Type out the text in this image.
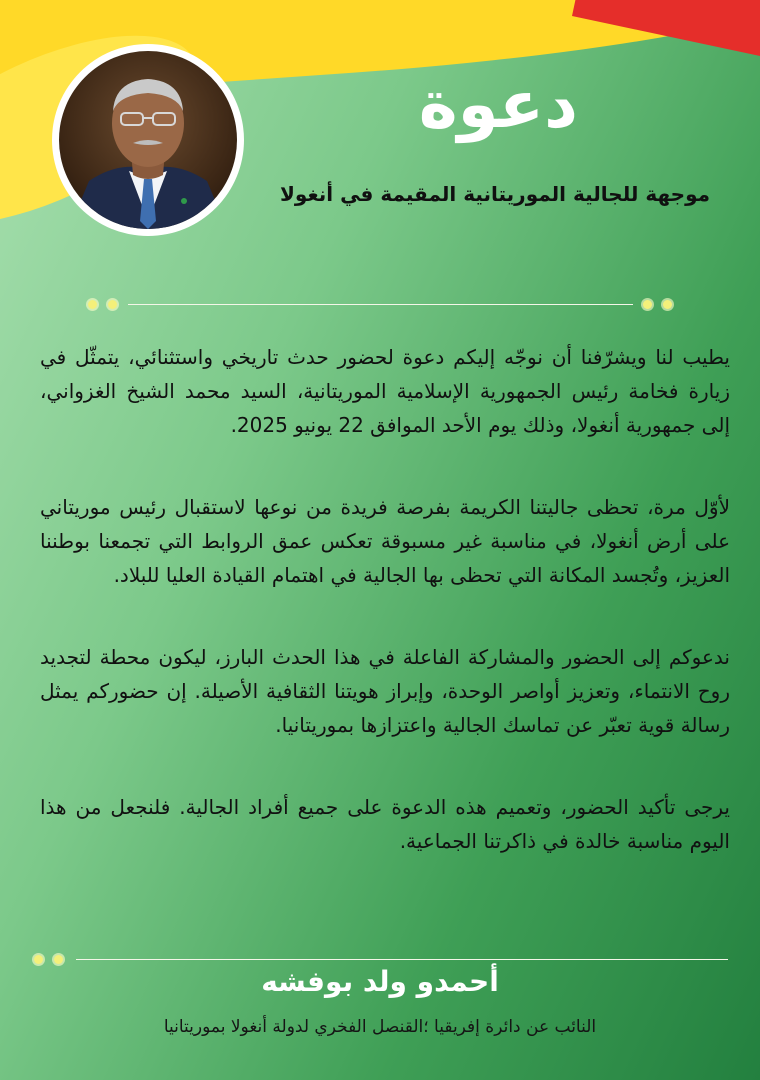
دعوة
موجهة للجالية الموريتانية المقيمة في أنغولا

يطيب لنا ويشرّفنا أن نوجّه إليكم دعوة لحضور حدث تاريخي واستثنائي، يتمثّل في زيارة فخامة رئيس الجمهورية الإسلامية الموريتانية، السيد محمد الشيخ الغزواني، إلى جمهورية أنغولا، وذلك يوم الأحد الموافق 22 يونيو 2025.

لأوّل مرة، تحظى جاليتنا الكريمة بفرصة فريدة من نوعها لاستقبال رئيس موريتاني على أرض أنغولا، في مناسبة غير مسبوقة تعكس عمق الروابط التي تجمعنا بوطننا العزيز، وتُجسد المكانة التي تحظى بها الجالية في اهتمام القيادة العليا للبلاد.

ندعوكم إلى الحضور والمشاركة الفاعلة في هذا الحدث البارز، ليكون محطة لتجديد روح الانتماء، وتعزيز أواصر الوحدة، وإبراز هويتنا الثقافية الأصيلة. إن حضوركم يمثل رسالة قوية تعبّر عن تماسك الجالية واعتزازها بموريتانيا.

يرجى تأكيد الحضور، وتعميم هذه الدعوة على جميع أفراد الجالية. فلنجعل من هذا اليوم مناسبة خالدة في ذاكرتنا الجماعية.

أحمدو ولد بوفشه
النائب عن دائرة إفريقيا ؛القنصل الفخري لدولة أنغولا بموريتانيا
